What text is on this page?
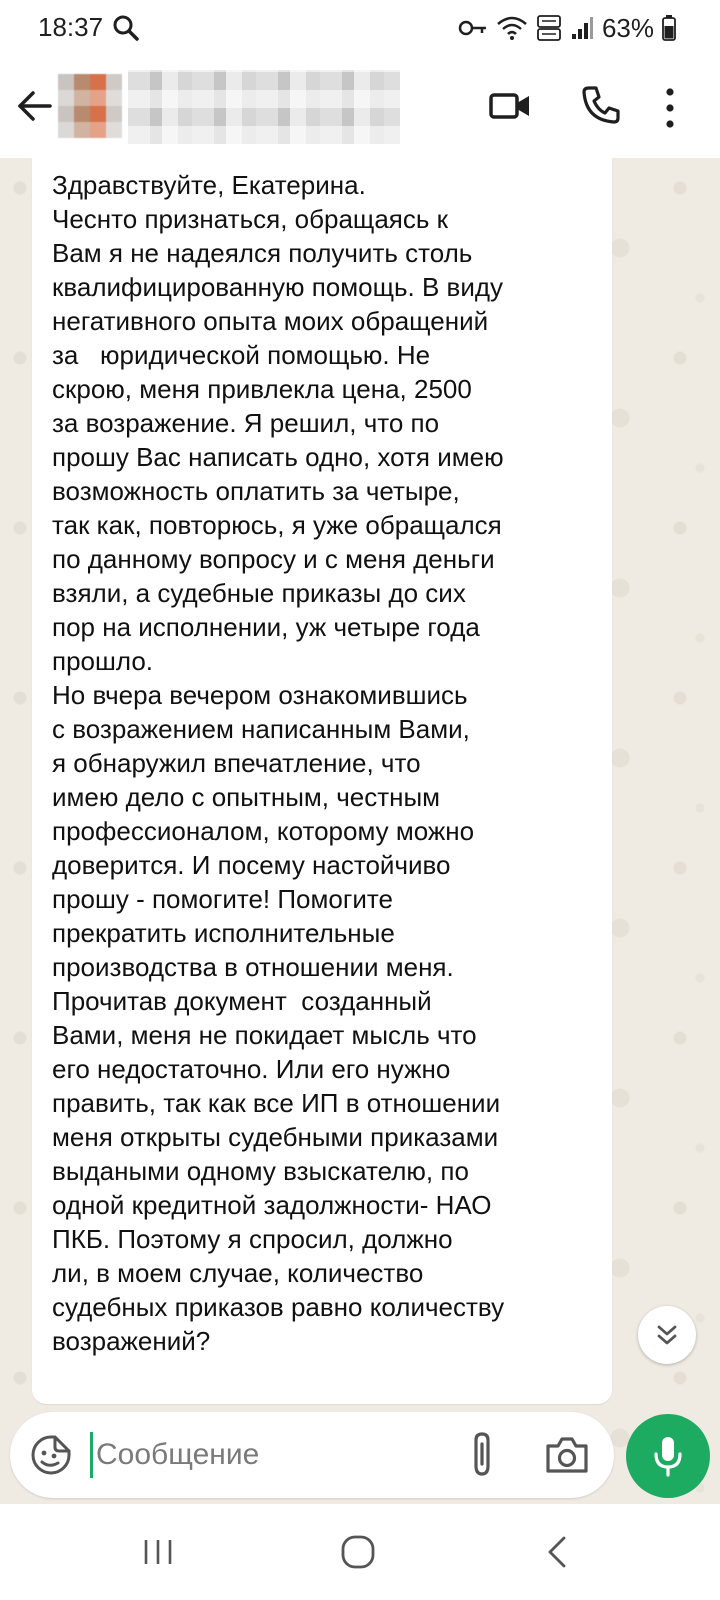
18:37	63%

Здравствуйте, Екатерина.
Чеснто признаться, обращаясь к
Вам я не надеялся получить столь
квалифицированную помощь. В виду
негативного опыта моих обращений
за   юридической помощью. Не
скрою, меня привлекла цена, 2500
за возражение. Я решил, что по
прошу Вас написать одно, хотя имею
возможность оплатить за четыре,
так как, повторюсь, я уже обращался
по данному вопросу и с меня деньги
взяли, а судебные приказы до сих
пор на исполнении, уж четыре года
прошло.
Но вчера вечером ознакомившись
с возражением написанным Вами,
я обнаружил впечатление, что
имею дело с опытным, честным
профессионалом, которому можно
доверится. И посему настойчиво
прошу - помогите! Помогите
прекратить исполнительные
производства в отношении меня.
Прочитав документ  созданный
Вами, меня не покидает мысль что
его недостаточно. Или его нужно
править, так как все ИП в отношении
меня открыты судебными приказами
выдаными одному взыскателю, по
одной кредитной задолжности- НАО
ПКБ. Поэтому я спросил, должно
ли, в моем случае, количество
судебных приказов равно количеству
возражений?

Сообщение
